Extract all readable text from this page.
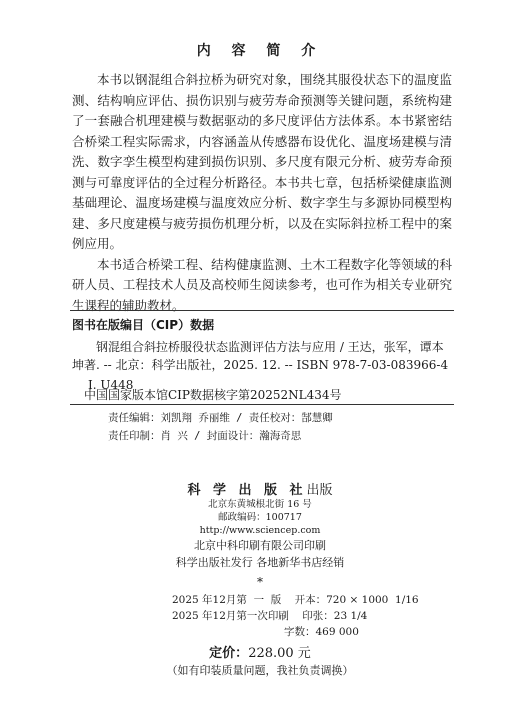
内 容 简 介

本书以钢混组合斜拉桥为研究对象，围绕其服役状态下的温度监测、结构响应评估、损伤识别与疲劳寿命预测等关键问题，系统构建了一套融合机理建模与数据驱动的多尺度评估方法体系。本书紧密结合桥梁工程实际需求，内容涵盖从传感器布设优化、温度场建模与清洗、数字孪生模型构建到损伤识别、多尺度有限元分析、疲劳寿命预测与可靠度评估的全过程分析路径。本书共七章，包括桥梁健康监测基础理论、温度场建模与温度效应分析、数字孪生与多源协同模型构建、多尺度建模与疲劳损伤机理分析，以及在实际斜拉桥工程中的案例应用。

本书适合桥梁工程、结构健康监测、土木工程数字化等领域的科研人员、工程技术人员及高校师生阅读参考，也可作为相关专业研究生课程的辅助教材。

图书在版编目（CIP）数据
钢混组合斜拉桥服役状态监测评估方法与应用 / 王达，张军，谭本
坤著. -- 北京：科学出版社，2025. 12. -- ISBN 978-7-03-083966-4
Ⅰ. U448
中国国家版本馆CIP数据核字第20252NL434号
责任编辑：刘凯翔 乔丽维 / 责任校对：郜慧卿
责任印制：肖 兴 / 封面设计：瀚海奇思
科 学 出 版 社出版
北京东黄城根北街 16 号
邮政编码：100717
http://www.sciencep.com
北京中科印刷有限公司印刷
科学出版社发行 各地新华书店经销
*
2025 年12月第  一  版    开本：720 × 1000  1/16
2025 年12月第一次印刷    印张：23 1/4
字数：469 000
定价：228.00 元
（如有印装质量问题，我社负责调换）
